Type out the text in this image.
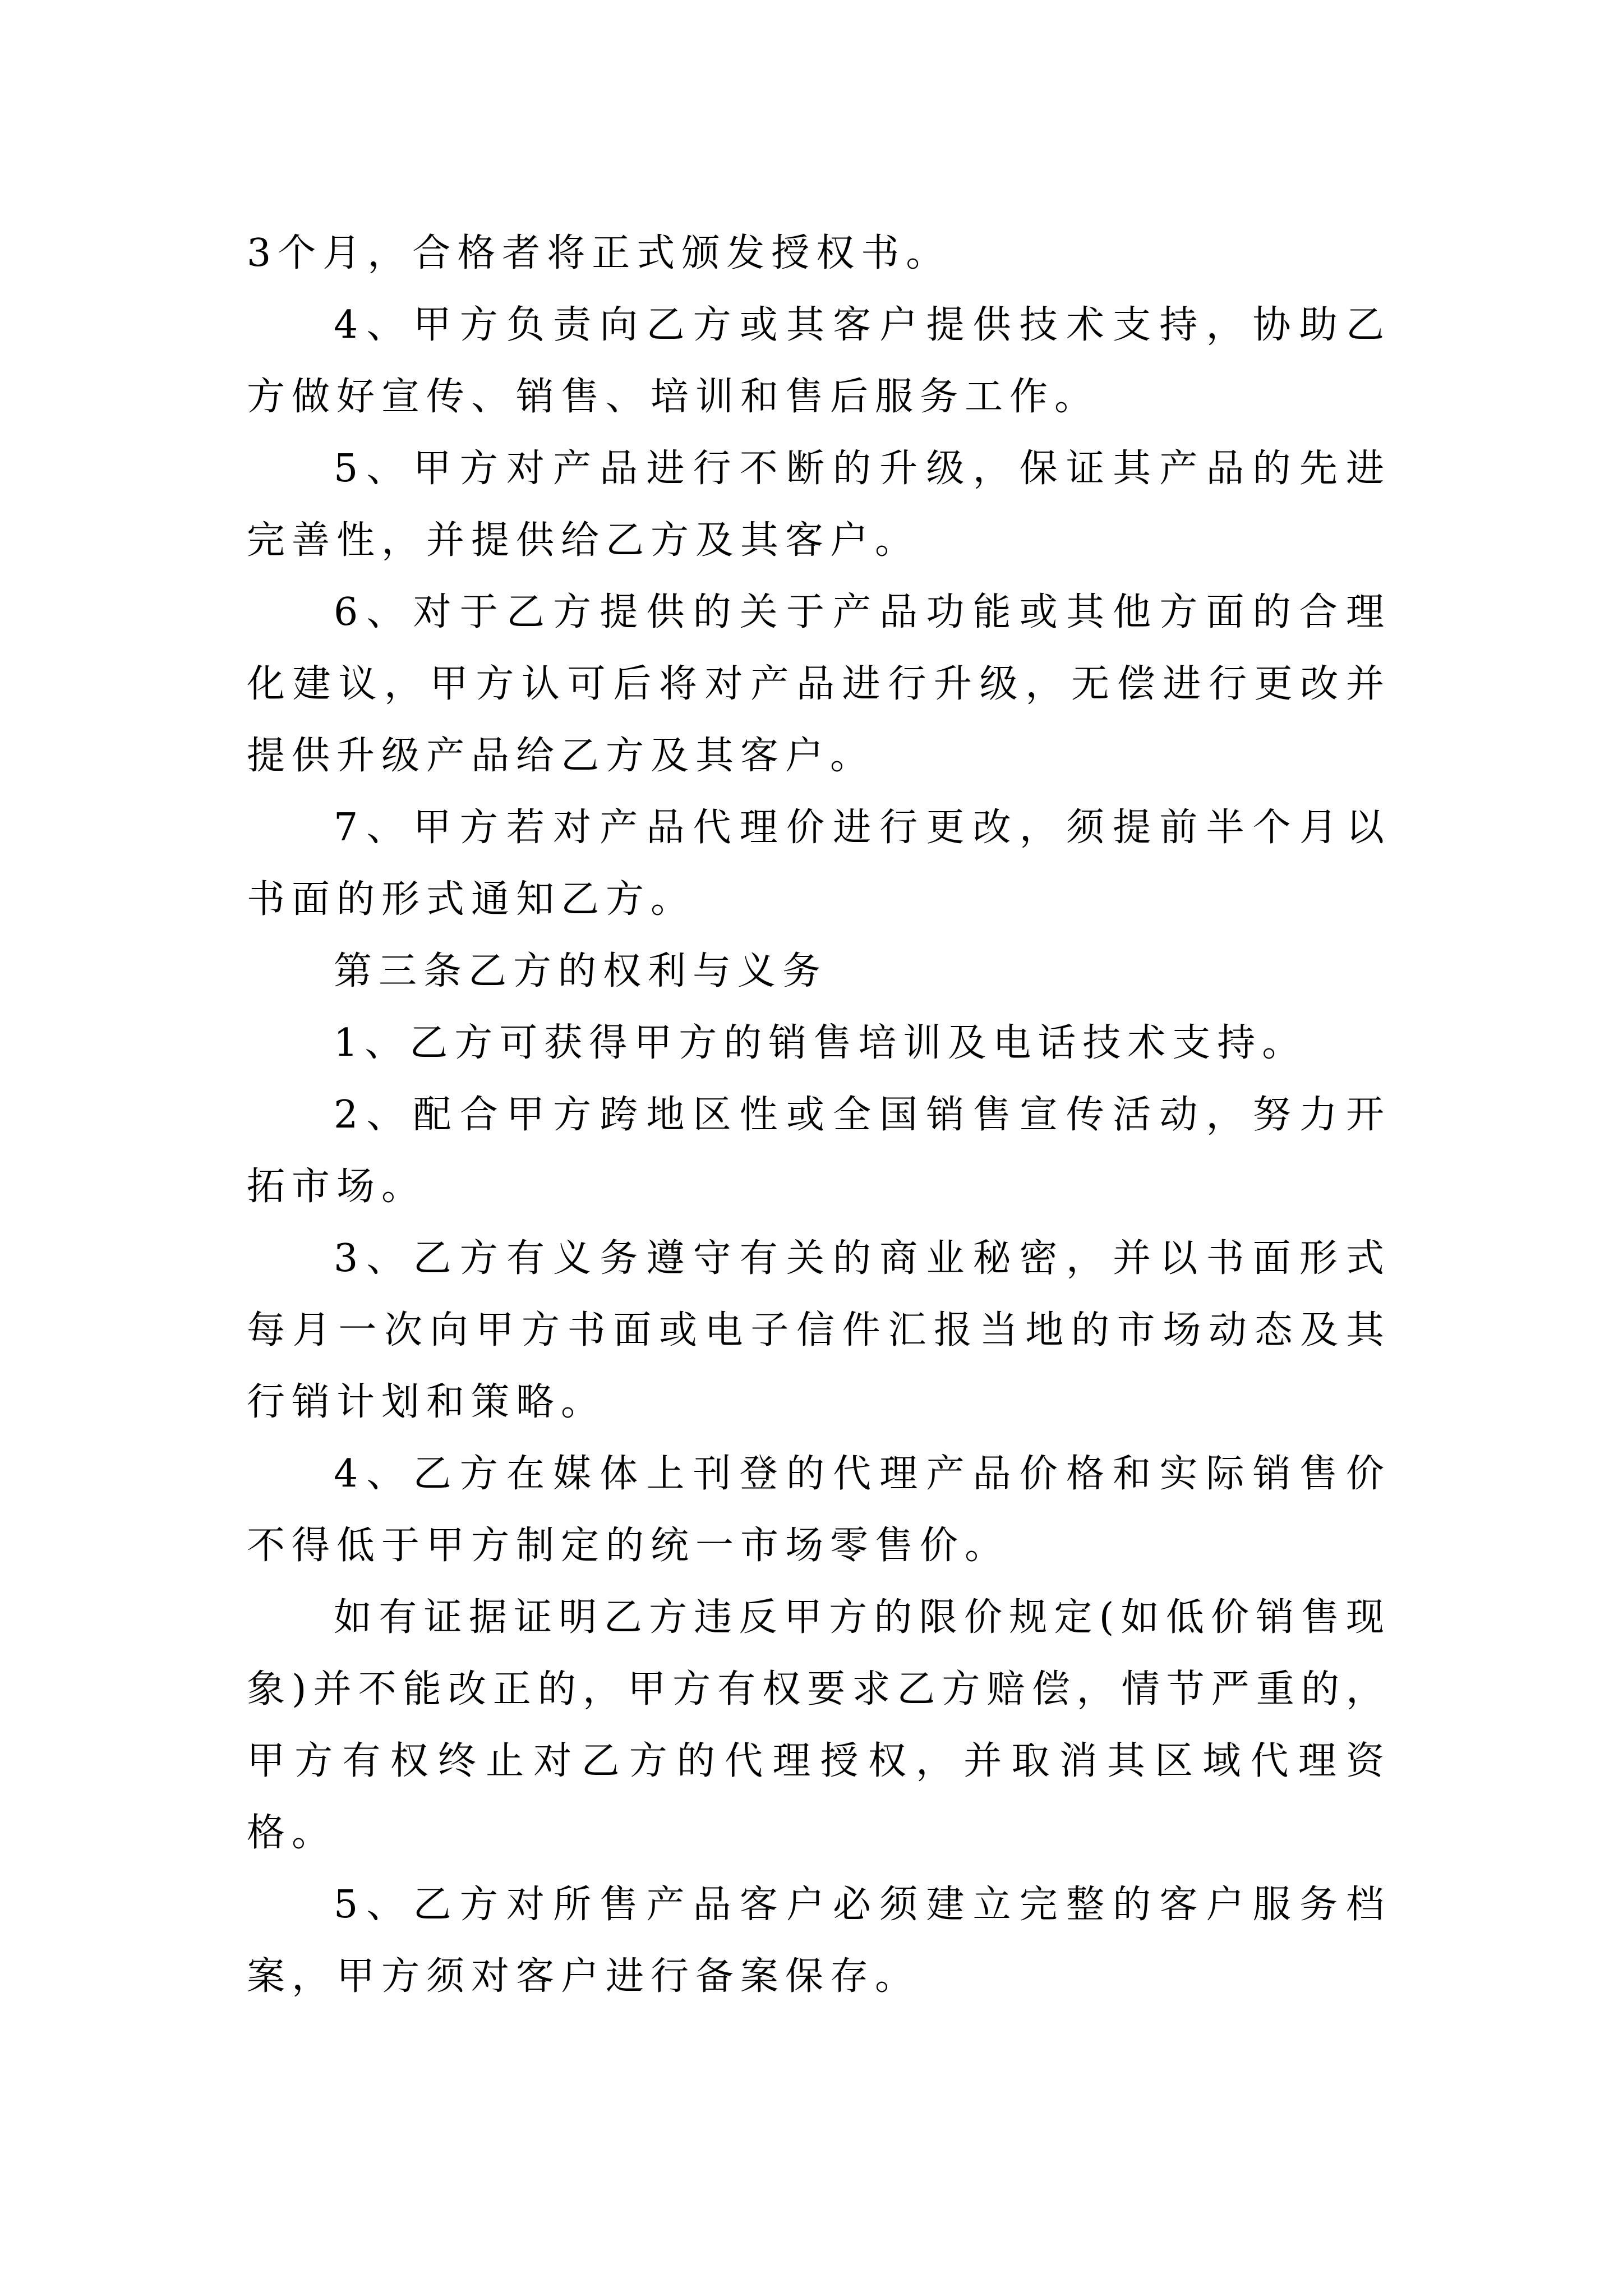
3个月，合格者将正式颁发授权书。

4、甲方负责向乙方或其客户提供技术支持，协助乙方做好宣传、销售、培训和售后服务工作。

5、甲方对产品进行不断的升级，保证其产品的先进完善性，并提供给乙方及其客户。

6、对于乙方提供的关于产品功能或其他方面的合理化建议，甲方认可后将对产品进行升级，无偿进行更改并提供升级产品给乙方及其客户。

7、甲方若对产品代理价进行更改，须提前半个月以书面的形式通知乙方。

第三条乙方的权利与义务

1、乙方可获得甲方的销售培训及电话技术支持。

2、配合甲方跨地区性或全国销售宣传活动，努力开拓市场。

3、乙方有义务遵守有关的商业秘密，并以书面形式每月一次向甲方书面或电子信件汇报当地的市场动态及其行销计划和策略。

4、乙方在媒体上刊登的代理产品价格和实际销售价不得低于甲方制定的统一市场零售价。

如有证据证明乙方违反甲方的限价规定(如低价销售现象)并不能改正的，甲方有权要求乙方赔偿，情节严重的，甲方有权终止对乙方的代理授权，并取消其区域代理资格。

5、乙方对所售产品客户必须建立完整的客户服务档案，甲方须对客户进行备案保存。
